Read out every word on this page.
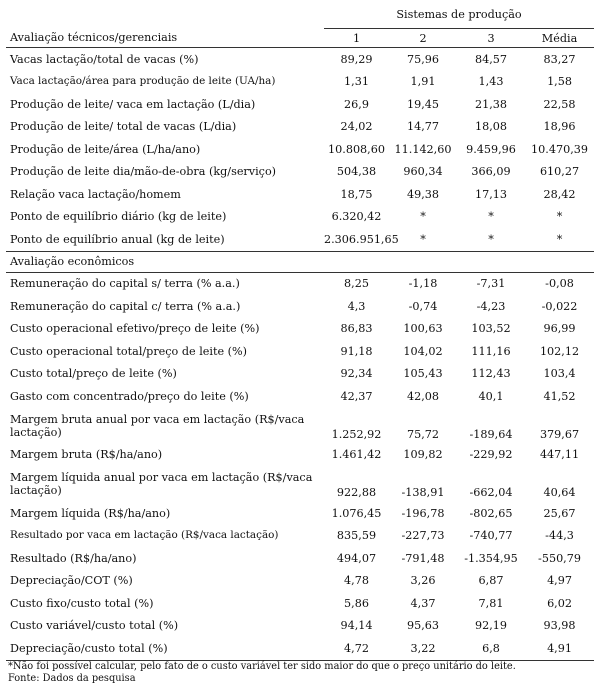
	Sistemas de produção			
Avaliação técnicos/gerenciais	1	2	3	Média
Vacas lactação/total de vacas (%)	89,29	75,96	84,57	83,27
Vaca lactação/área para produção de leite (UA/ha)	1,31	1,91	1,43	1,58
Produção de leite/ vaca em lactação (L/dia)	26,9	19,45	21,38	22,58
Produção de leite/ total de vacas (L/dia)	24,02	14,77	18,08	18,96
Produção de leite/área (L/ha/ano)	10.808,60	11.142,60	9.459,96	10.470,39
Produção de leite dia/mão-de-obra (kg/serviço)	504,38	960,34	366,09	610,27
Relação vaca lactação/homem	18,75	49,38	17,13	28,42
Ponto de equilíbrio diário (kg de leite)	6.320,42	*	*	*
Ponto de equilíbrio anual (kg de leite)	2.306.951,65	*	*	*
Avaliação econômicos				
Remuneração do capital s/ terra (% a.a.)	8,25	-1,18	-7,31	-0,08
Remuneração do capital c/ terra (% a.a.)	4,3	-0,74	-4,23	-0,022
Custo operacional efetivo/preço de leite (%)	86,83	100,63	103,52	96,99
Custo operacional total/preço de leite (%)	91,18	104,02	111,16	102,12
Custo total/preço de leite (%)	92,34	105,43	112,43	103,4
Gasto com concentrado/preço do leite (%)	42,37	42,08	40,1	41,52
Margem bruta anual por vaca em lactação (R$/vaca lactação)	1.252,92	75,72	-189,64	379,67
Margem bruta (R$/ha/ano)	1.461,42	109,82	-229,92	447,11
Margem líquida anual por vaca em lactação (R$/vaca lactação)	922,88	-138,91	-662,04	40,64
Margem líquida (R$/ha/ano)	1.076,45	-196,78	-802,65	25,67
Resultado por vaca em lactação (R$/vaca lactação)	835,59	-227,73	-740,77	-44,3
Resultado (R$/ha/ano)	494,07	-791,48	-1.354,95	-550,79
Depreciação/COT (%)	4,78	3,26	6,87	4,97
Custo fixo/custo total (%)	5,86	4,37	7,81	6,02
Custo variável/custo total (%)	94,14	95,63	92,19	93,98
Depreciação/custo total (%)	4,72	3,22	6,8	4,91
*Não foi possível calcular, pelo fato de o custo variável ter sido maior do que o preço unitário do leite.
Fonte: Dados da pesquisa
